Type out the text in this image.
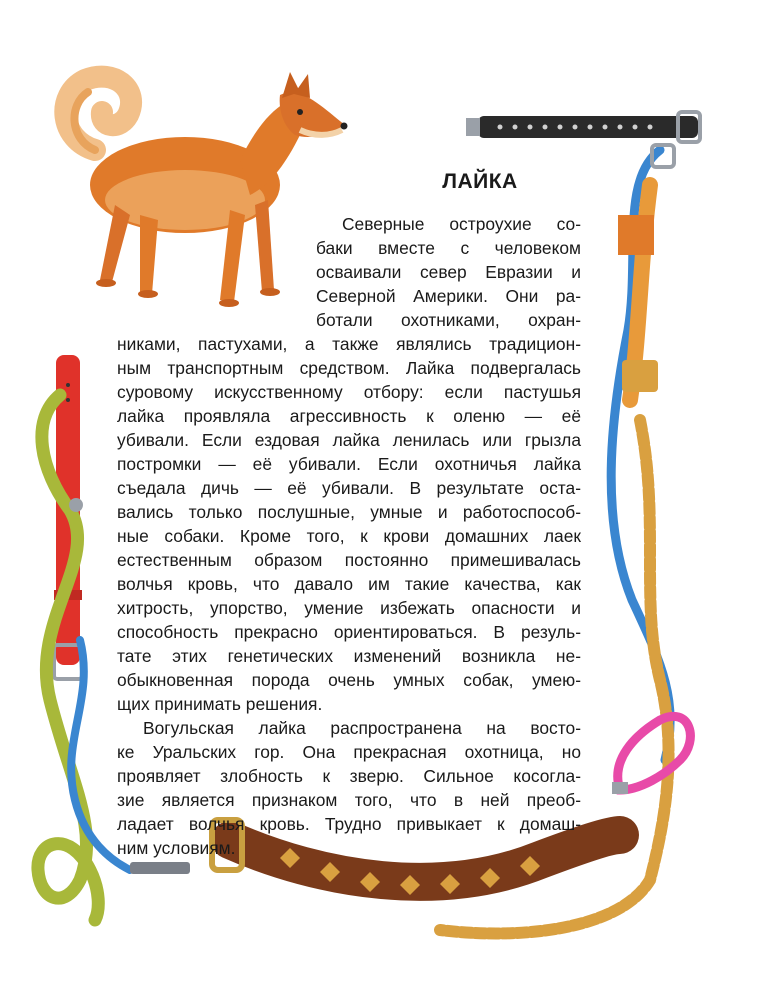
ЛАЙКА
Северные остроухие со-
баки вместе с человеком
осваивали север Евразии и
Северной Америки. Они ра-
ботали охотниками, охран-
никами, пастухами, а также являлись традицион-
ным транспортным средством. Лайка подвергалась
суровому искусственному отбору: если пастушья
лайка проявляла агрессивность к оленю — её
убивали. Если ездовая лайка ленилась или грызла
постромки — её убивали. Если охотничья лайка
съедала дичь — её убивали. В результате оста-
вались только послушные, умные и работоспособ-
ные собаки. Кроме того, к крови домашних лаек
естественным образом постоянно примешивалась
волчья кровь, что давало им такие качества, как
хитрость, упорство, умение избежать опасности и
способность прекрасно ориентироваться. В резуль-
тате этих генетических изменений возникла не-
обыкновенная порода очень умных собак, умею-
щих принимать решения.
Вогульская лайка распространена на восто-
ке Уральских гор. Она прекрасная охотница, но
проявляет злобность к зверю. Сильное косогла-
зие является признаком того, что в ней преоб-
ладает волчья кровь. Трудно привыкает к домаш-
ним условиям.
